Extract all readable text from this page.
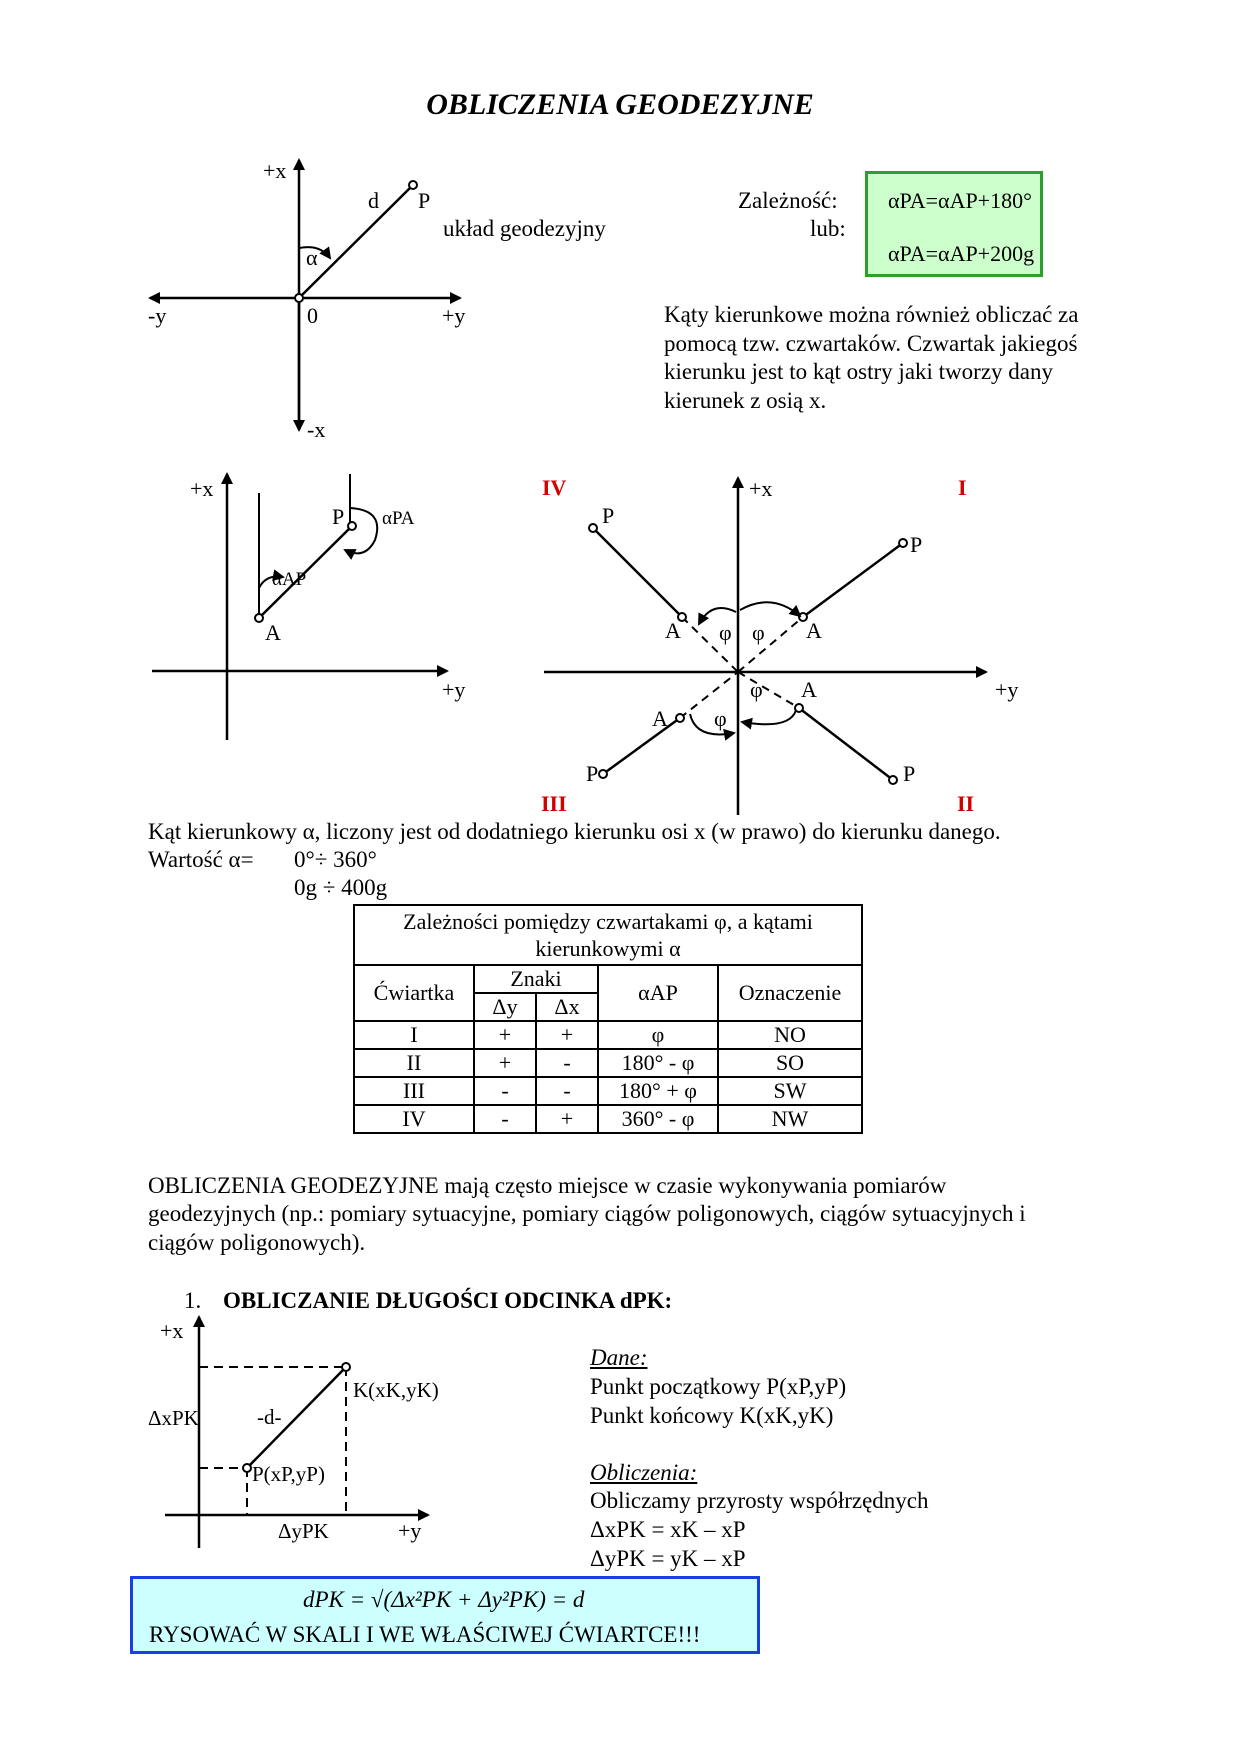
OBLICZENIA GEODEZYJNE
+x
-x
+y
-y	0
d P
α
+x
+y
P
A
αPA
αAP
+x
+y
I
II
III
IV
P
P
P	P
A	A
A
A
φ φ
φ
φ
+x
+y
ΔxPK
ΔyPK
-d-
K(xK,yK)
P(xP,yP)
układ geodezyjny
Zależność:
lub:
αPA=αAP+180°
αPA=αAP+200g
Kąty kierunkowe można również obliczać za
pomocą tzw. czwartaków. Czwartak jakiegoś
kierunku jest to kąt ostry jaki tworzy dany
kierunek z osią x.
Kąt kierunkowy α, liczony jest od dodatniego kierunku osi x (w prawo) do kierunku danego.
Wartość α= 0°÷ 360°
0g ÷ 400g
Zależności pomiędzy czwartakami φ, a kątami kierunkowymi α				
Ćwiartka	Znaki		αAP	Oznaczenie
	Δy	Δx		
I	+	+	φ	NO
II	+	-	180° - φ	SO
III	-	-	180° + φ	SW
IV	-	+	360° - φ	NW
OBLICZENIA GEODEZYJNE mają często miejsce w czasie wykonywania pomiarów
geodezyjnych (np.: pomiary sytuacyjne, pomiary ciągów poligonowych, ciągów sytuacyjnych i
ciągów poligonowych).
1. OBLICZANIE DŁUGOŚCI ODCINKA dPK:
Dane:
Punkt początkowy P(xP,yP)
Punkt końcowy K(xK,yK)
Obliczenia:
Obliczamy przyrosty współrzędnych
ΔxPK = xK – xP
ΔyPK = yK – xP
dPK = √(Δx²PK + Δy²PK) = d
RYSOWAĆ W SKALI I WE WŁAŚCIWEJ ĆWIARTCE!!!
